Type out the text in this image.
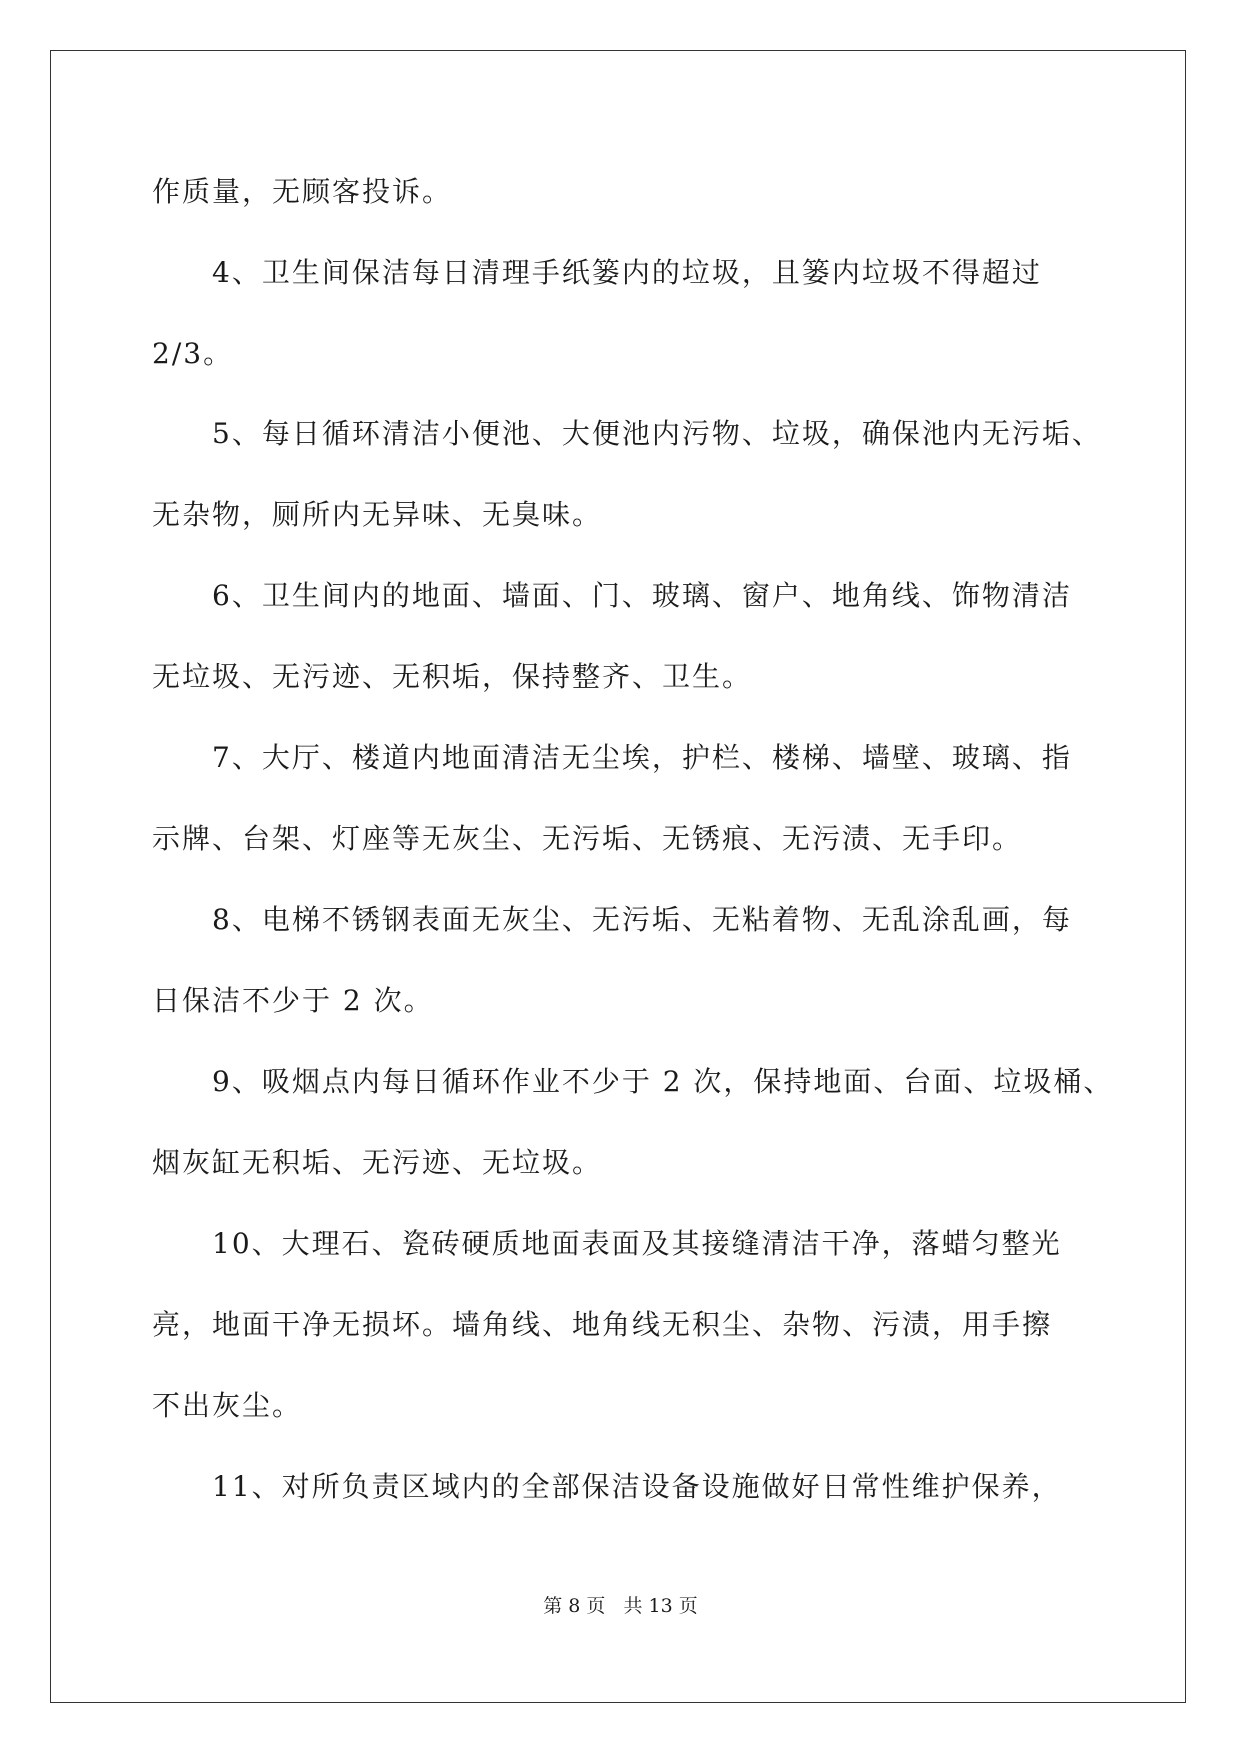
作质量，无顾客投诉。
4、卫生间保洁每日清理手纸篓内的垃圾，且篓内垃圾不得超过
2/3。
5、每日循环清洁小便池、大便池内污物、垃圾，确保池内无污垢、
无杂物，厕所内无异味、无臭味。
6、卫生间内的地面、墙面、门、玻璃、窗户、地角线、饰物清洁
无垃圾、无污迹、无积垢，保持整齐、卫生。
7、大厅、楼道内地面清洁无尘埃，护栏、楼梯、墙壁、玻璃、指
示牌、台架、灯座等无灰尘、无污垢、无锈痕、无污渍、无手印。
8、电梯不锈钢表面无灰尘、无污垢、无粘着物、无乱涂乱画，每
日保洁不少于 2 次。
9、吸烟点内每日循环作业不少于 2 次，保持地面、台面、垃圾桶、
烟灰缸无积垢、无污迹、无垃圾。
10、大理石、瓷砖硬质地面表面及其接缝清洁干净，落蜡匀整光
亮，地面干净无损坏。墙角线、地角线无积尘、杂物、污渍，用手擦
不出灰尘。
11、对所负责区域内的全部保洁设备设施做好日常性维护保养，
第 8 页 共 13 页
